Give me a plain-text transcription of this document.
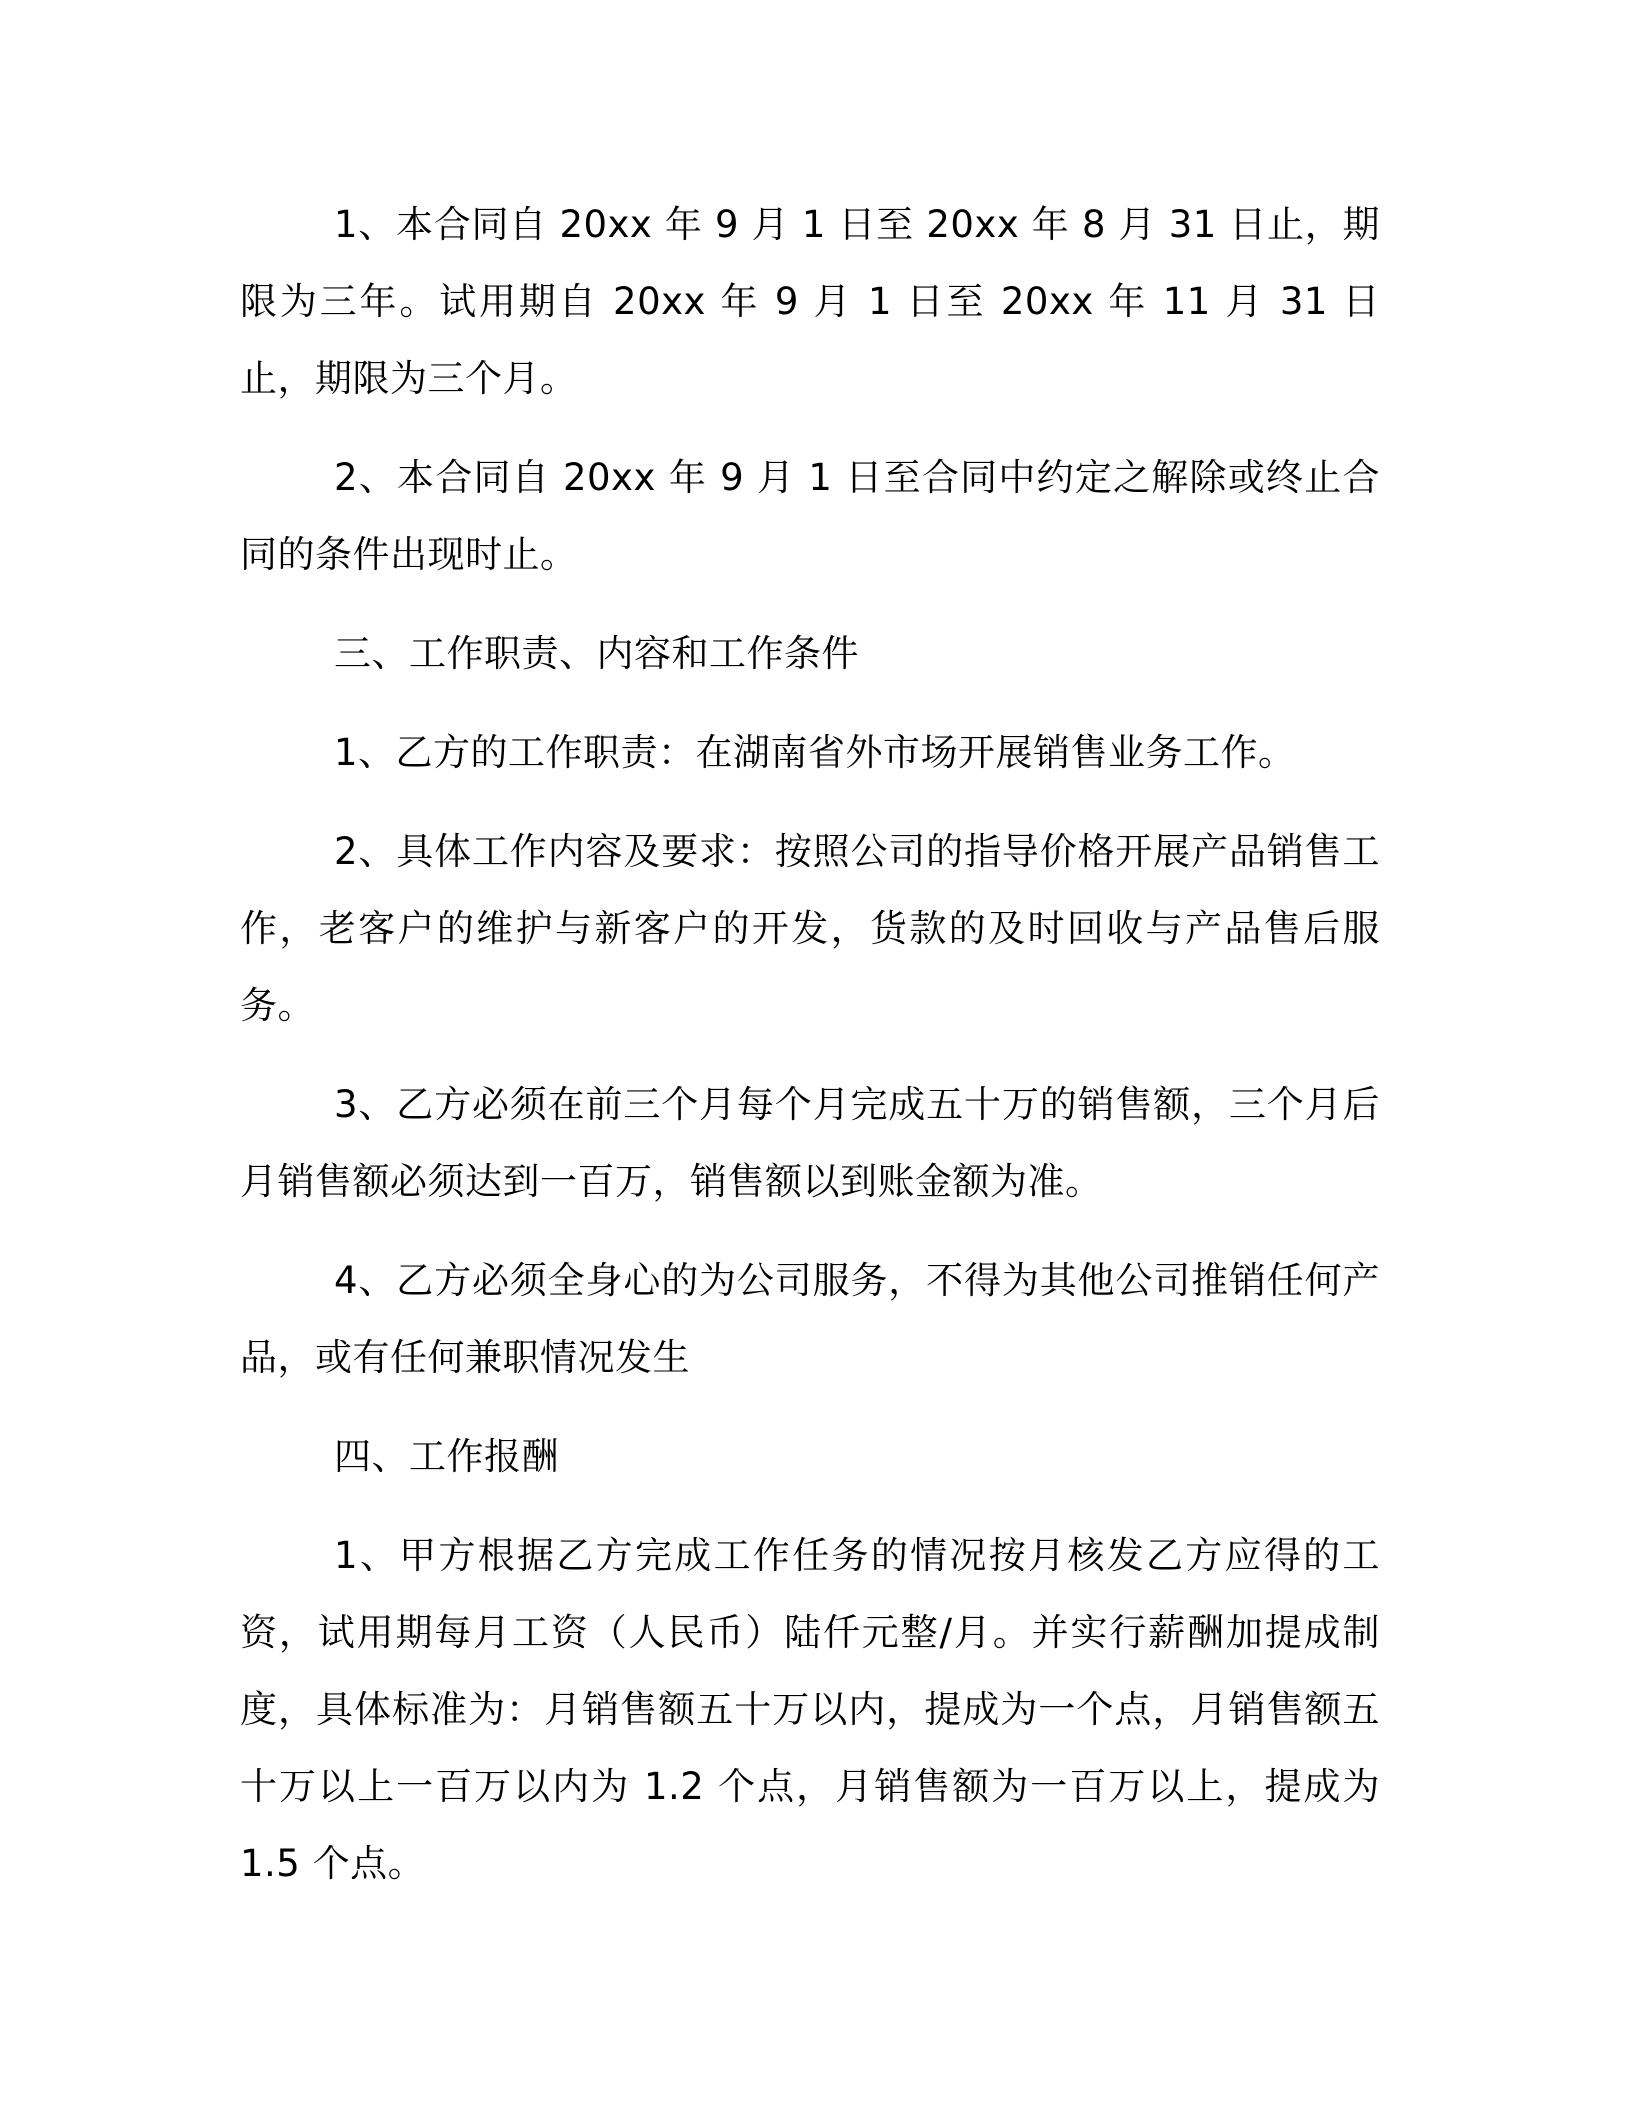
1、本合同自 20xx 年 9 月 1 日至 20xx 年 8 月 31 日止，期限为三年。试用期自 20xx 年 9 月 1 日至 20xx 年 11 月 31 日止，期限为三个月。

2、本合同自 20xx 年 9 月 1 日至合同中约定之解除或终止合同的条件出现时止。

三、工作职责、内容和工作条件

1、乙方的工作职责：在湖南省外市场开展销售业务工作。

2、具体工作内容及要求：按照公司的指导价格开展产品销售工作，老客户的维护与新客户的开发，货款的及时回收与产品售后服务。

3、乙方必须在前三个月每个月完成五十万的销售额，三个月后月销售额必须达到一百万，销售额以到账金额为准。

4、乙方必须全身心的为公司服务，不得为其他公司推销任何产品，或有任何兼职情况发生

四、工作报酬

1、甲方根据乙方完成工作任务的情况按月核发乙方应得的工资，试用期每月工资（人民币）陆仟元整/月。并实行薪酬加提成制度，具体标准为：月销售额五十万以内，提成为一个点，月销售额五十万以上一百万以内为 1.2 个点，月销售额为一百万以上，提成为 1.5 个点。
